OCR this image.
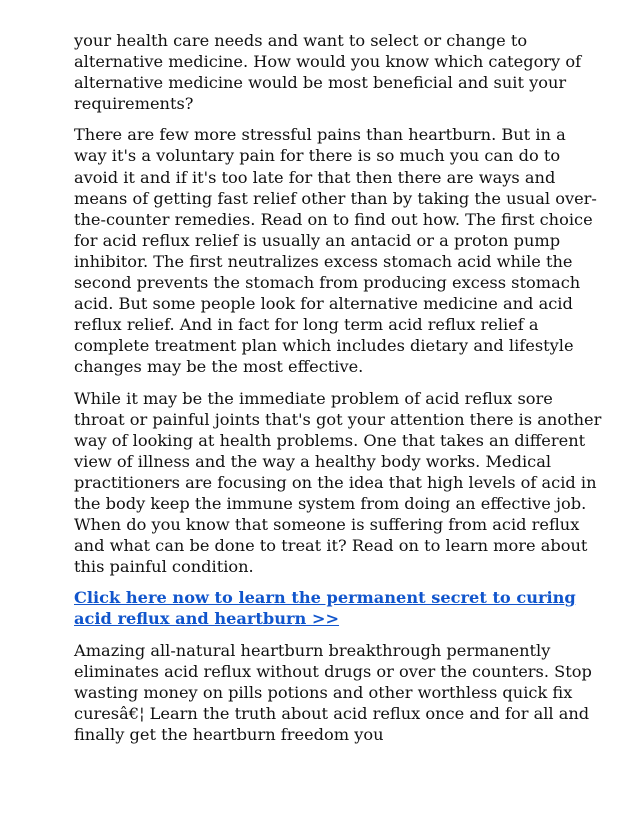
your health care needs and want to select or change to alternative medicine. How would you know which category of alternative medicine would be most beneficial and suit your requirements?

There are few more stressful pains than heartburn. But in a way it's a voluntary pain for there is so much you can do to avoid it and if it's too late for that then there are ways and means of getting fast relief other than by taking the usual over-the-counter remedies. Read on to find out how. The first choice for acid reflux relief is usually an antacid or a proton pump inhibitor. The first neutralizes excess stomach acid while the second prevents the stomach from producing excess stomach acid. But some people look for alternative medicine and acid reflux relief. And in fact for long term acid reflux relief a complete treatment plan which includes dietary and lifestyle changes may be the most effective.

While it may be the immediate problem of acid reflux sore throat or painful joints that's got your attention there is another way of looking at health problems. One that takes an different view of illness and the way a healthy body works. Medical practitioners are focusing on the idea that high levels of acid in the body keep the immune system from doing an effective job. When do you know that someone is suffering from acid reflux and what can be done to treat it? Read on to learn more about this painful condition.

Click here now to learn the permanent secret to curing acid reflux and heartburn >>

Amazing all-natural heartburn breakthrough permanently eliminates acid reflux without drugs or over the counters. Stop wasting money on pills potions and other worthless quick fix curesâ€¦ Learn the truth about acid reflux once and for all and finally get the heartburn freedom you
